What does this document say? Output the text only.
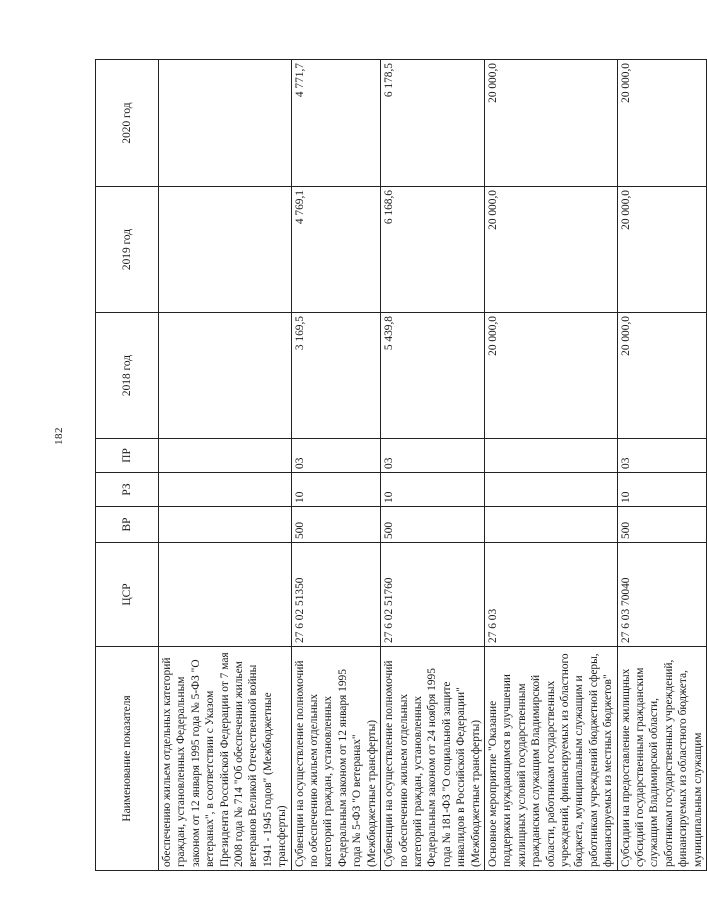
182
Наименование показателя	ЦСР	ВР	РЗ	ПР	2018 год	2019 год	2020 год
обеспечению жильем отдельных категорий граждан, установленных Федеральным законом от 12 января 1995 года № 5-ФЗ "О ветеранах", в соответствии с Указом Президента Российской Федерации от 7 мая 2008 года № 714 "Об обеспечении жильем ветеранов Великой Отечественной войны 1941 - 1945 годов" (Межбюджетные трансферты)							
Субвенции на осуществление полномочий по обеспечению жильем отдельных категорий граждан, установленных Федеральным законом от 12 января 1995 года № 5-ФЗ "О ветеранах" (Межбюджетные трансферты)	27 6 02 51350	500	10	03	3 169,5	4 769,1	4 771,7
Субвенции на осуществление полномочий по обеспечению жильем отдельных категорий граждан, установленных Федеральным законом от 24 ноября 1995 года № 181-ФЗ "О социальной защите инвалидов в Российской Федерации" (Межбюджетные трансферты)	27 6 02 51760	500	10	03	5 439,8	6 168,6	6 178,5
Основное мероприятие "Оказание поддержки нуждающимся в улучшении жилищных условий государственным гражданским служащим Владимирской области, работникам государственных учреждений, финансируемых из областного бюджета, муниципальным служащим и работникам учреждений бюджетной сферы, финансируемых из местных бюджетов"	27 6 03				20 000,0	20 000,0	20 000,0
Субсидии на предоставление жилищных субсидий государственным гражданским служащим Владимирской области, работникам государственных учреждений, финансируемых из областного бюджета, муниципальным служащим	27 6 03 70040	500	10	03	20 000,0	20 000,0	20 000,0
